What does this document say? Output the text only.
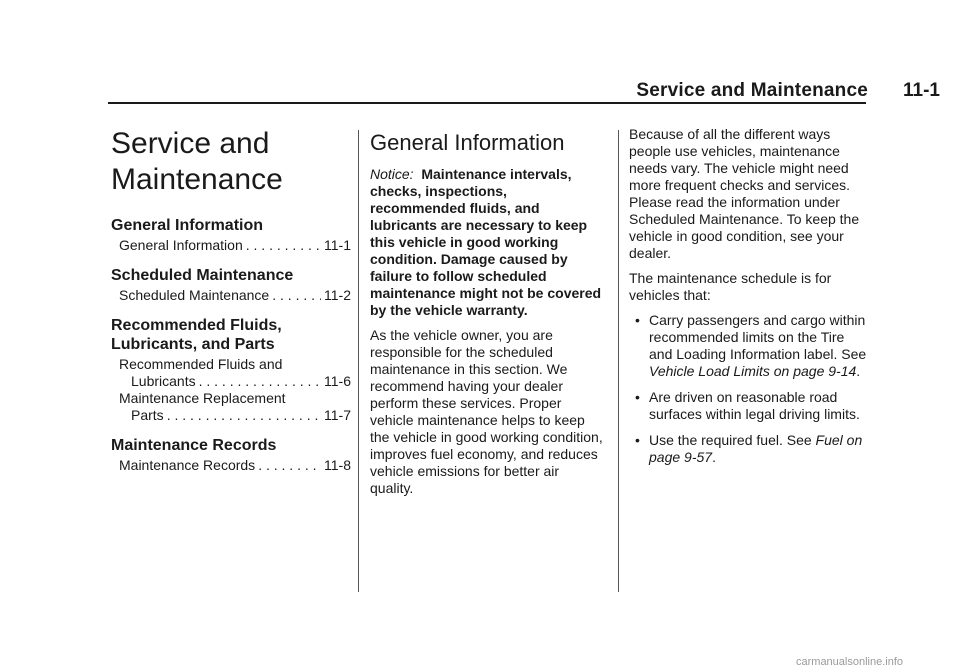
Service and Maintenance 11-1
Service and
Maintenance
General Information
General Information . . .	11-1
Scheduled Maintenance
Scheduled Maintenance . . .	11-2
Recommended Fluids,
Lubricants, and Parts
Recommended Fluids and
Lubricants . . .	11-6
Maintenance Replacement
Parts . . .	11-7
Maintenance Records
Maintenance Records . . .	11-8
General Information

Notice: Maintenance intervals, checks, inspections, recommended fluids, and lubricants are necessary to keep this vehicle in good working condition. Damage caused by failure to follow scheduled maintenance might not be covered by the vehicle warranty.

As the vehicle owner, you are responsible for the scheduled maintenance in this section. We recommend having your dealer perform these services. Proper vehicle maintenance helps to keep the vehicle in good working condition, improves fuel economy, and reduces vehicle emissions for better air quality.

Because of all the different ways people use vehicles, maintenance needs vary. The vehicle might need more frequent checks and services. Please read the information under Scheduled Maintenance. To keep the vehicle in good condition, see your dealer.

The maintenance schedule is for vehicles that:

• Carry passengers and cargo within recommended limits on the Tire and Loading Information label. See Vehicle Load Limits on page 9-14.
• Are driven on reasonable road surfaces within legal driving limits.
• Use the required fuel. See Fuel on page 9-57.
carmanualsonline.info
